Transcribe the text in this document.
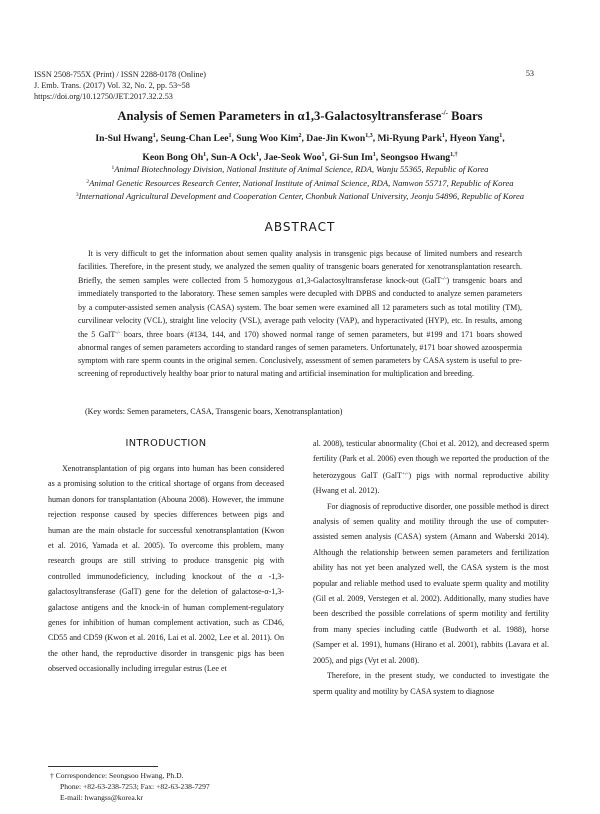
ISSN 2508-755X (Print) / ISSN 2288-0178 (Online)
J. Emb. Trans. (2017) Vol. 32, No. 2, pp. 53~58
https://doi.org/10.12750/JET.2017.32.2.53
53
Analysis of Semen Parameters in α1,3-Galactosyltransferase-/- Boars
In-Sul Hwang$^1$, Seung-Chan Lee$^1$, Sung Woo Kim$^2$, Dae-Jin Kwon$^{1,3}$, Mi-Ryung Park$^1$, Hyeon Yang$^1$,
Keon Bong Oh$^1$, Sun-A Ock$^1$, Jae-Seok Woo$^1$, Gi-Sun Im$^1$, Seongsoo Hwang$^{1,\dagger}$
$^1$Animal Biotechnology Division, National Institute of Animal Science, RDA, Wanju 55365, Republic of Korea
$^2$Animal Genetic Resources Research Center, National Institute of Animal Science, RDA, Namwon 55717, Republic of Korea
$^3$International Agricultural Development and Cooperation Center, Chonbuk National University, Jeonju 54896, Republic of Korea
ABSTRACT
It is very difficult to get the information about semen quality analysis in transgenic pigs because of limited numbers and research facilities. Therefore, in the present study, we analyzed the semen quality of transgenic boars generated for xenotransplantation research. Briefly, the semen samples were collected from 5 homozygous α1,3-Galactosyltransferase knock-out (GalT-/-) transgenic boars and immediately transported to the laboratory. These semen samples were decupled with DPBS and conducted to analyze semen parameters by a computer-assisted semen analysis (CASA) system. The boar semen were examined all 12 parameters such as total motility (TM), curvilinear velocity (VCL), straight line velocity (VSL), average path velocity (VAP), and hyperactivated (HYP), etc. In results, among the 5 GalT-/- boars, three boars (#134, 144, and 170) showed normal range of semen parameters, but #199 and 171 boars showed abnormal ranges of semen parameters according to standard ranges of semen parameters. Unfortunately, #171 boar showed azoospermia symptom with rare sperm counts in the original semen. Conclusively, assessment of semen parameters by CASA system is useful to pre-screening of reproductively healthy boar prior to natural mating and artificial insemination for multiplication and breeding.
(Key words: Semen parameters, CASA, Transgenic boars, Xenotransplantation)
INTRODUCTION

Xenotransplantation of pig organs into human has been considered as a promising solution to the critical shortage of organs from deceased human donors for transplantation (Abouna 2008). However, the immune rejection response caused by species differences between pigs and human are the main obstacle for successful xenotransplantation (Kwon et al. 2016, Yamada et al. 2005). To overcome this problem, many research groups are still striving to produce transgenic pig with controlled immunodeficiency, including knockout of the α -1,3-galactosyltransferase (GalT) gene for the deletion of galactose-α-1,3-galactose antigens and the knock-in of human complement-regulatory genes for inhibition of human complement activation, such as CD46, CD55 and CD59 (Kwon et al. 2016, Lai et al. 2002, Lee et al. 2011). On the other hand, the reproductive disorder in transgenic pigs has been observed occasionally including irregular estrus (Lee et

al. 2008), testicular abnormality (Choi et al. 2012), and decreased sperm fertility (Park et al. 2006) even though we reported the production of the heterozygous GalT (GalT+/-) pigs with normal reproductive ability (Hwang et al. 2012).

For diagnosis of reproductive disorder, one possible method is direct analysis of semen quality and motility through the use of computer-assisted semen analysis (CASA) system (Amann and Waberski 2014). Although the relationship between semen parameters and fertilization ability has not yet been analyzed well, the CASA system is the most popular and reliable method used to evaluate sperm quality and motility (Gil et al. 2009, Verstegen et al. 2002). Additionally, many studies have been described the possible correlations of sperm motility and fertility from many species including cattle (Budworth et al. 1988), horse (Samper et al. 1991), humans (Hirano et al. 2001), rabbits (Lavara et al. 2005), and pigs (Vyt et al. 2008).

Therefore, in the present study, we conducted to investigate the sperm quality and motility by CASA system to diagnose

† Correspondence: Seongsoo Hwang, Ph.D.
Phone: +82-63-238-7253; Fax: +82-63-238-7297
E-mail: hwangss@korea.kr
